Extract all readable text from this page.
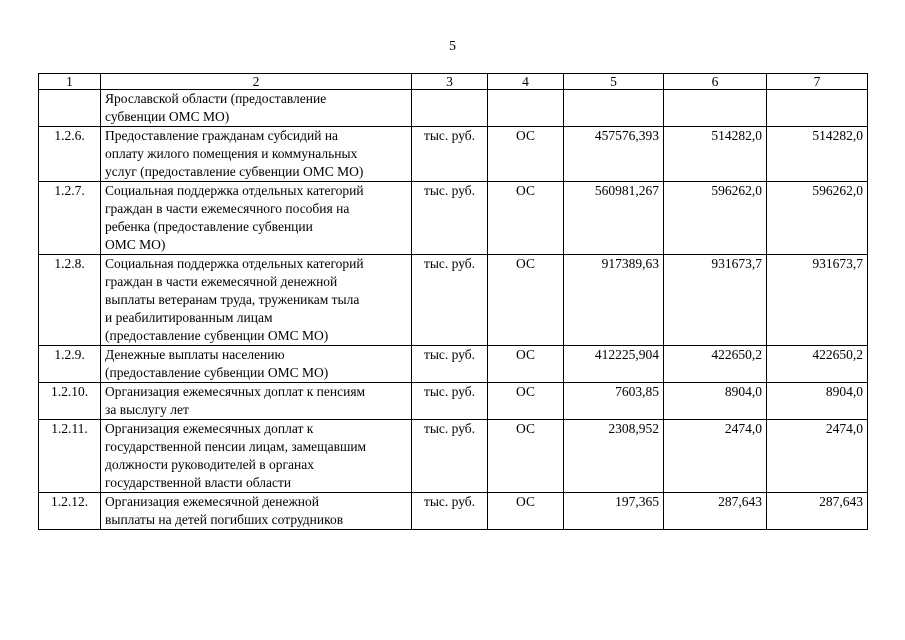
5
1	2	3	4	5	6	7
	Ярославской области (предоставление
субвенции ОМС МО)					
1.2.6.	Предоставление гражданам субсидий на
оплату жилого помещения и коммунальных
услуг (предоставление субвенции ОМС МО)	тыс. руб.	ОС	457576,393	514282,0	514282,0
1.2.7.	Социальная поддержка отдельных категорий
граждан в части ежемесячного пособия на
ребенка (предоставление субвенции
ОМС МО)	тыс. руб.	ОС	560981,267	596262,0	596262,0
1.2.8.	Социальная поддержка отдельных категорий
граждан в части ежемесячной денежной
выплаты ветеранам труда, труженикам тыла
и реабилитированным лицам
(предоставление субвенции ОМС МО)	тыс. руб.	ОС	917389,63	931673,7	931673,7
1.2.9.	Денежные выплаты населению
(предоставление субвенции ОМС МО)	тыс. руб.	ОС	412225,904	422650,2	422650,2
1.2.10.	Организация ежемесячных доплат к пенсиям
за выслугу лет	тыс. руб.	ОС	7603,85	8904,0	8904,0
1.2.11.	Организация ежемесячных доплат к
государственной пенсии лицам, замещавшим
должности руководителей в органах
государственной власти области	тыс. руб.	ОС	2308,952	2474,0	2474,0
1.2.12.	Организация ежемесячной денежной
выплаты на детей погибших сотрудников	тыс. руб.	ОС	197,365	287,643	287,643
